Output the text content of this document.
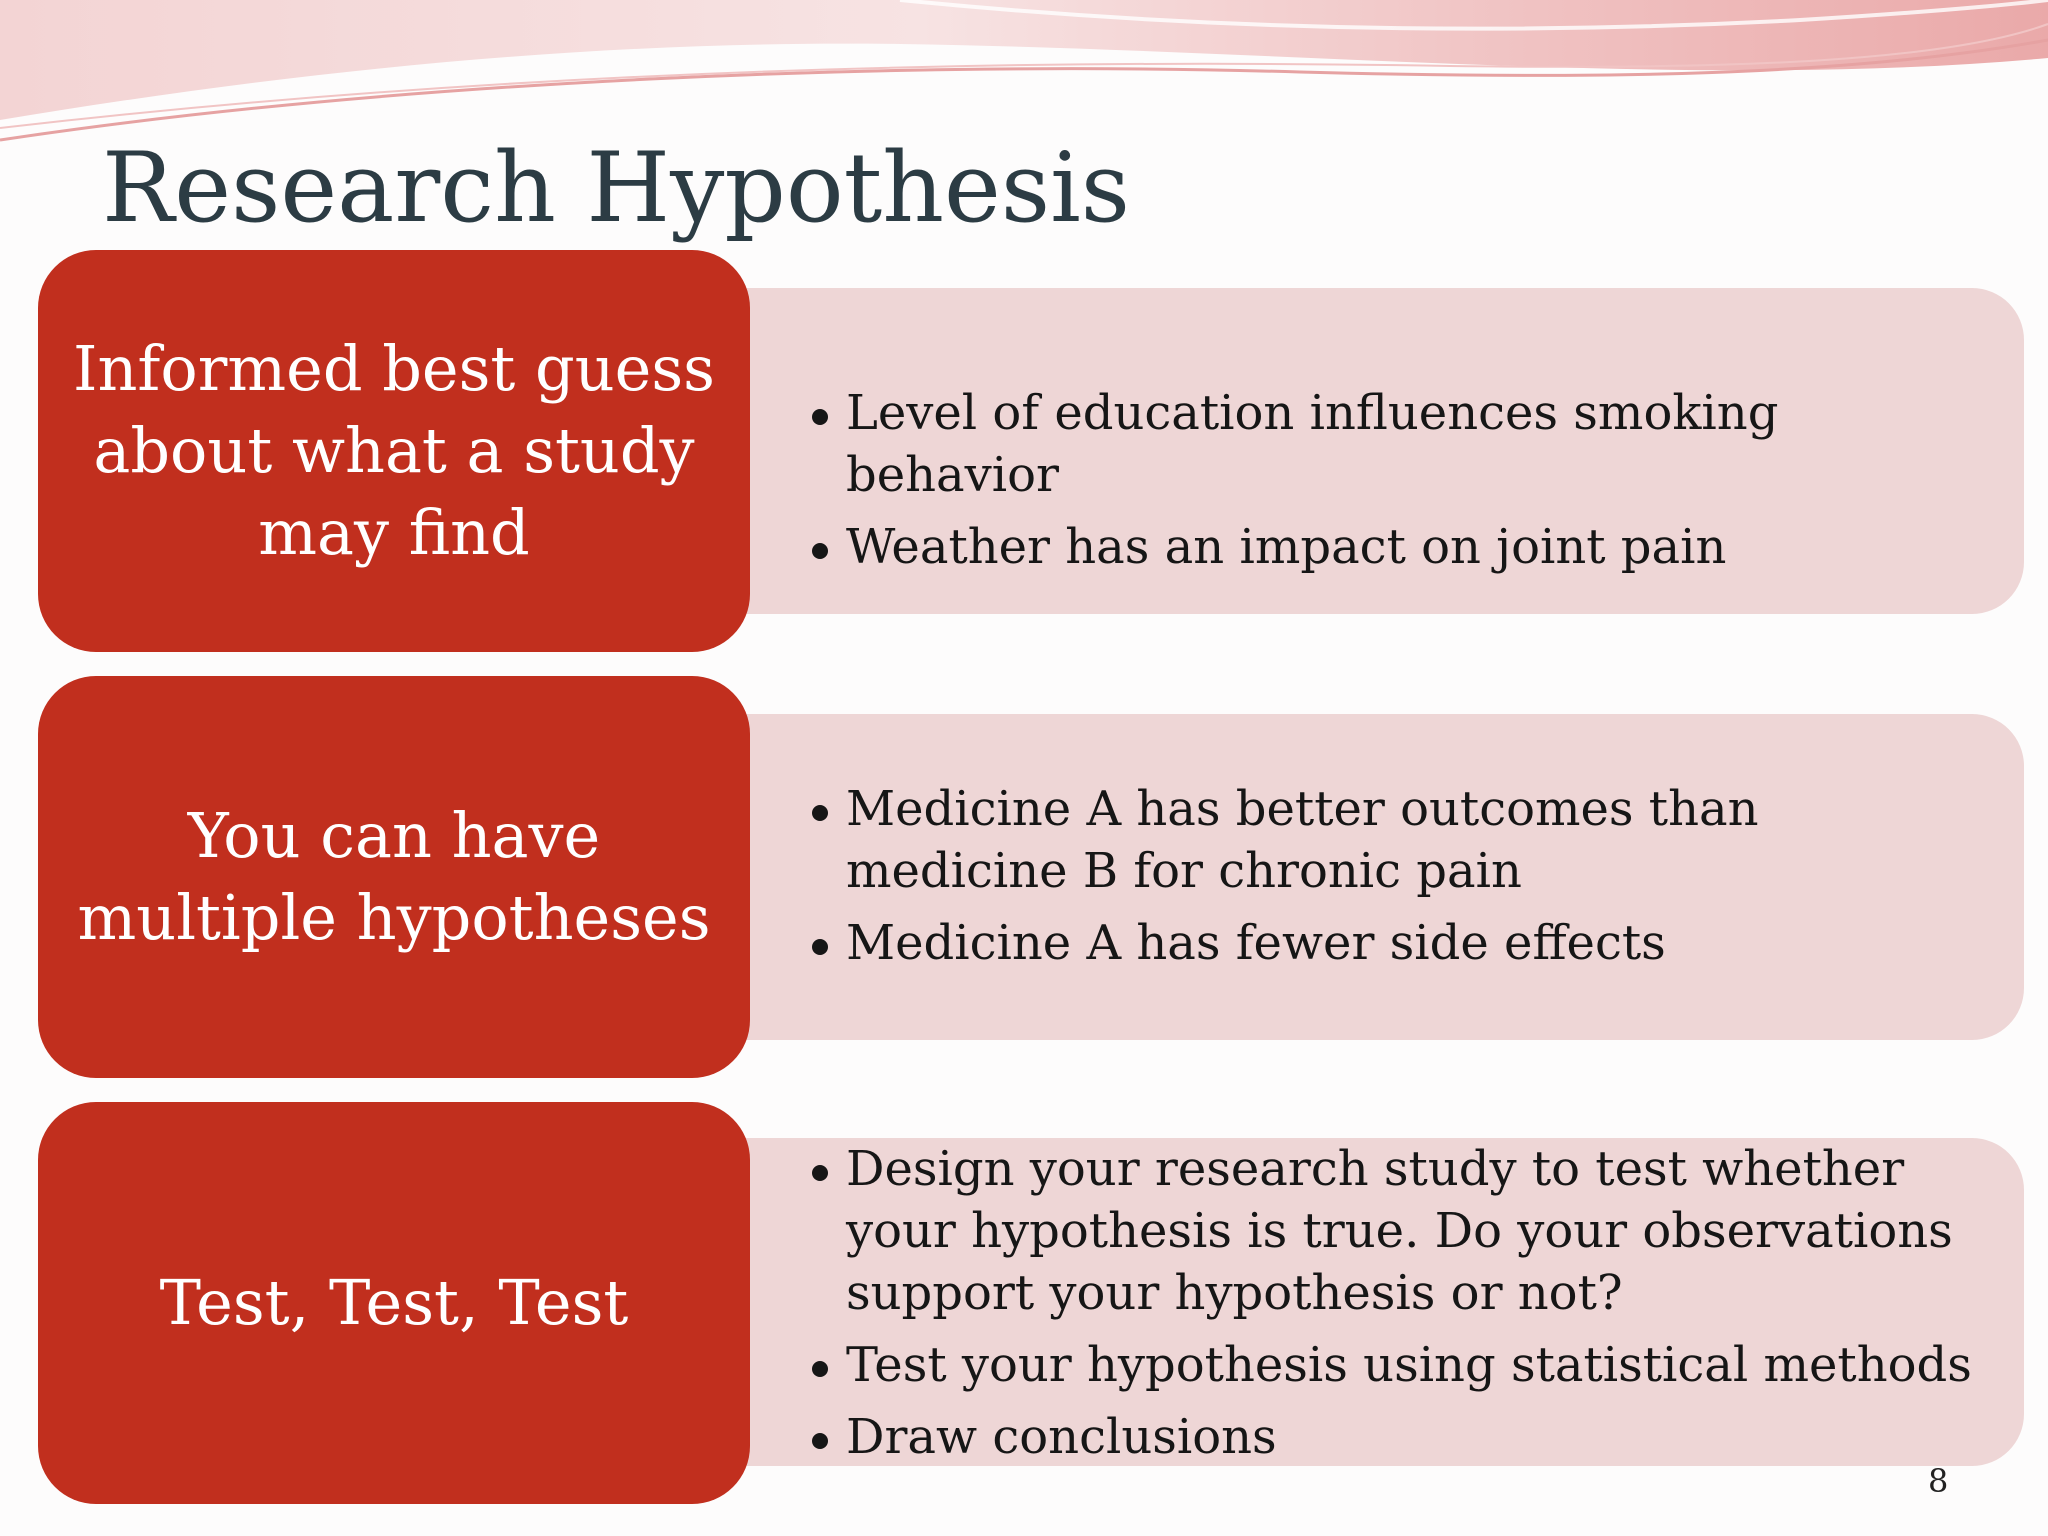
Research Hypothesis
Informed best guess
about what a study
may find
Level of education influences smoking behavior
Weather has an impact on joint pain
You can have
multiple hypotheses
Medicine A has better outcomes than medicine B for chronic pain
Medicine A has fewer side effects
Test, Test, Test
Design your research study to test whether your hypothesis is true. Do your observations support your hypothesis or not?
Test your hypothesis using statistical methods
Draw conclusions
8
